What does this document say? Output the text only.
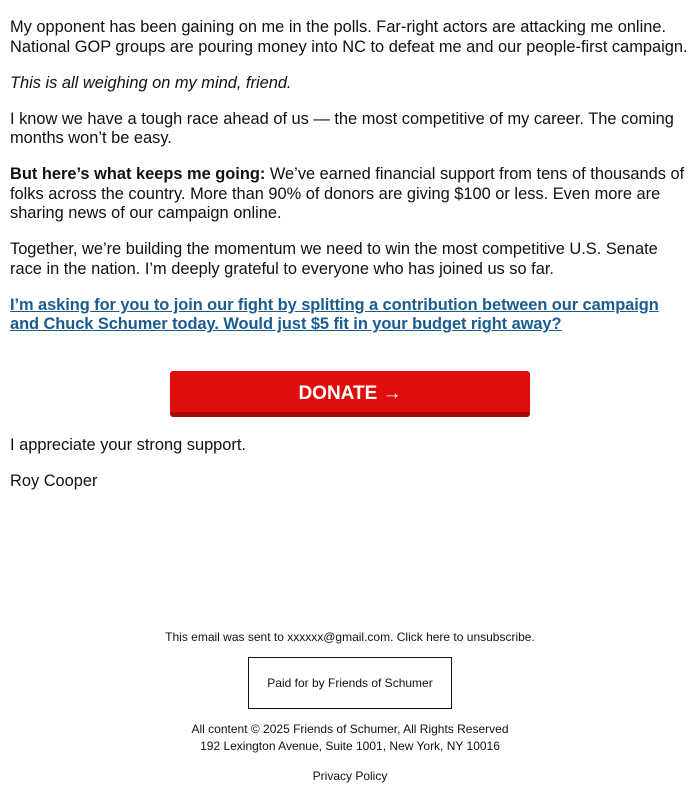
My opponent has been gaining on me in the polls. Far-right actors are attacking me online. National GOP groups are pouring money into NC to defeat me and our people-first campaign.

This is all weighing on my mind, friend.

I know we have a tough race ahead of us — the most competitive of my career. The coming months won’t be easy.

But here’s what keeps me going: We’ve earned financial support from tens of thousands of folks across the country. More than 90% of donors are giving $100 or less. Even more are sharing news of our campaign online.

Together, we’re building the momentum we need to win the most competitive U.S. Senate race in the nation. I’m deeply grateful to everyone who has joined us so far.

I’m asking for you to join our fight by splitting a contribution between our campaign and Chuck Schumer today. Would just $5 fit in your budget right away?
DONATE →

I appreciate your strong support.

Roy Cooper

This email was sent to xxxxxx@gmail.com. Click here to unsubscribe.

Paid for by Friends of Schumer

All content © 2025 Friends of Schumer, All Rights Reserved

192 Lexington Avenue, Suite 1001, New York, NY 10016

Privacy Policy
